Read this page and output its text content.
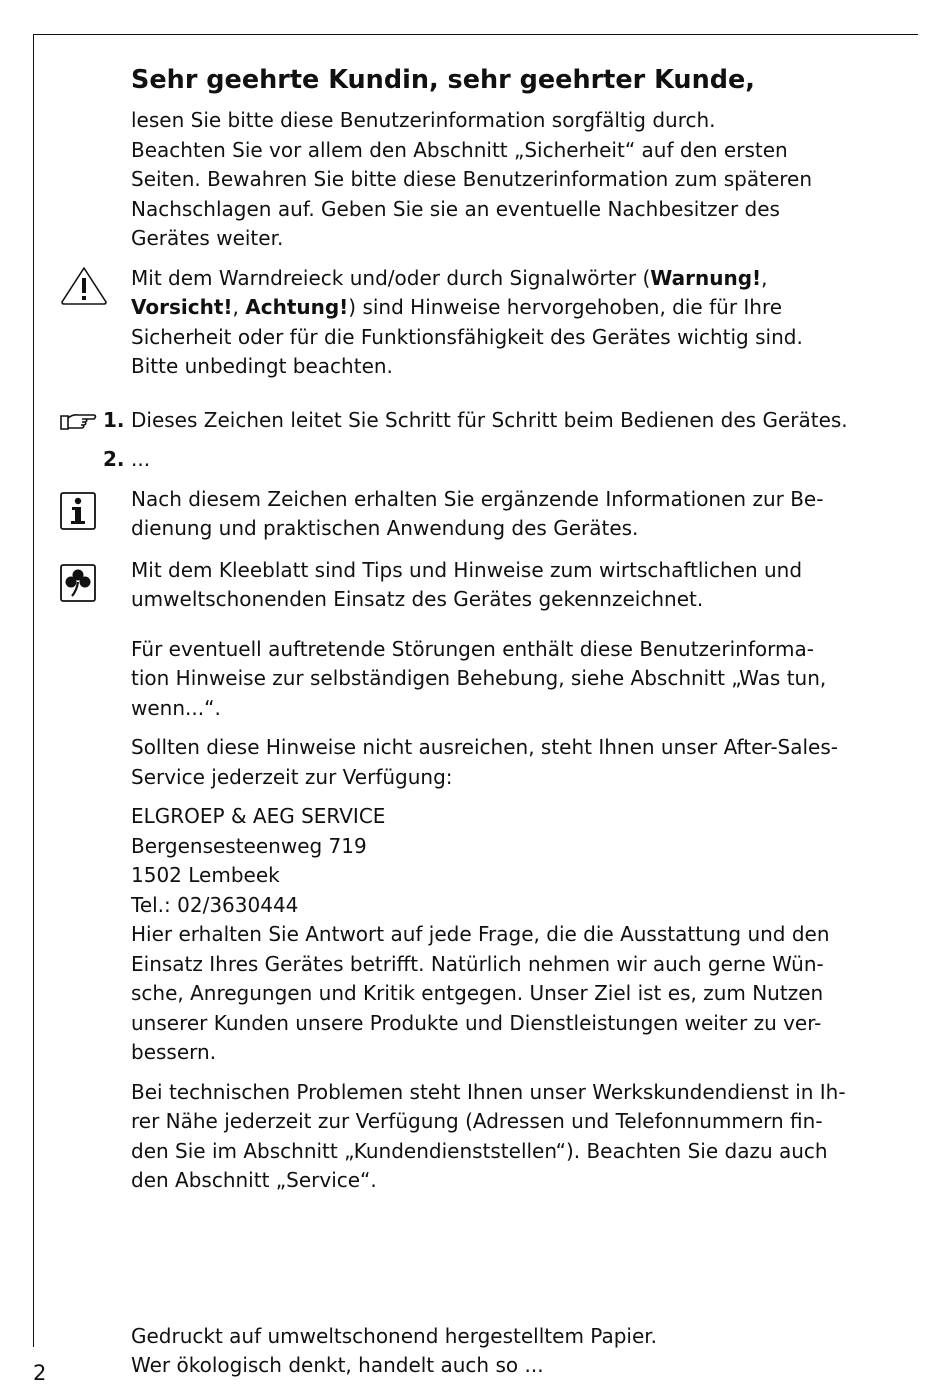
Sehr geehrte Kundin, sehr geehrter Kunde,

lesen Sie bitte diese Benutzerinformation sorgfältig durch.

Beachten Sie vor allem den Abschnitt „Sicherheit“ auf den ersten

Seiten. Bewahren Sie bitte diese Benutzerinformation zum späteren

Nachschlagen auf. Geben Sie sie an eventuelle Nachbesitzer des

Gerätes weiter.

Mit dem Warndreieck und/oder durch Signalwörter (Warnung!,

Vorsicht!, Achtung!) sind Hinweise hervorgehoben, die für Ihre

Sicherheit oder für die Funktionsfähigkeit des Gerätes wichtig sind.

Bitte unbedingt beachten.

1. Dieses Zeichen leitet Sie Schritt für Schritt beim Bedienen des Gerätes.

2. ...

Nach diesem Zeichen erhalten Sie ergänzende Informationen zur Be-

dienung und praktischen Anwendung des Gerätes.

Mit dem Kleeblatt sind Tips und Hinweise zum wirtschaftlichen und

umweltschonenden Einsatz des Gerätes gekennzeichnet.

Für eventuell auftretende Störungen enthält diese Benutzerinforma-

tion Hinweise zur selbständigen Behebung, siehe Abschnitt „Was tun,

wenn...“.

Sollten diese Hinweise nicht ausreichen, steht Ihnen unser After-Sales-

Service jederzeit zur Verfügung:

ELGROEP & AEG SERVICE

Bergensesteenweg 719

1502 Lembeek

Tel.: 02/3630444

Hier erhalten Sie Antwort auf jede Frage, die die Ausstattung und den

Einsatz Ihres Gerätes betrifft. Natürlich nehmen wir auch gerne Wün-

sche, Anregungen und Kritik entgegen. Unser Ziel ist es, zum Nutzen

unserer Kunden unsere Produkte und Dienstleistungen weiter zu ver-

bessern.

Bei technischen Problemen steht Ihnen unser Werkskundendienst in Ih-

rer Nähe jederzeit zur Verfügung (Adressen und Telefonnummern fin-

den Sie im Abschnitt „Kundendienststellen“). Beachten Sie dazu auch

den Abschnitt „Service“.

Gedruckt auf umweltschonend hergestelltem Papier.

Wer ökologisch denkt, handelt auch so ...

2
